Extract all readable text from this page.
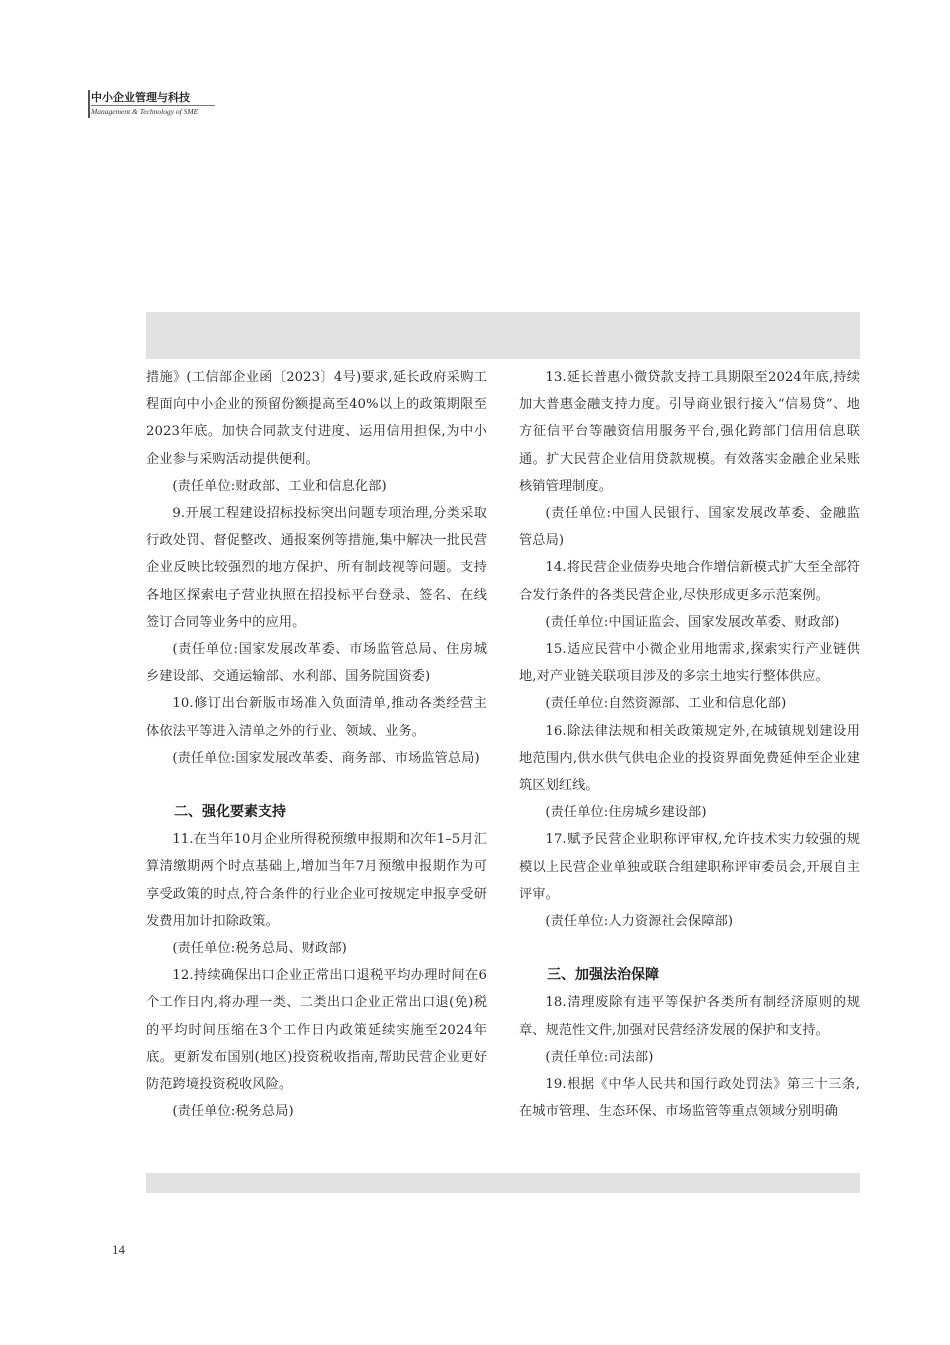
中小企业管理与科技
Management & Technology of SME

措施》(工信部企业函〔2023〕4号)要求,延长政府采购工程面向中小企业的预留份额提高至40%以上的政策期限至2023年底。加快合同款支付进度、运用信用担保,为中小企业参与采购活动提供便利。

(责任单位:财政部、工业和信息化部)

9.开展工程建设招标投标突出问题专项治理,分类采取行政处罚、督促整改、通报案例等措施,集中解决一批民营企业反映比较强烈的地方保护、所有制歧视等问题。支持各地区探索电子营业执照在招投标平台登录、签名、在线签订合同等业务中的应用。

(责任单位:国家发展改革委、市场监管总局、住房城乡建设部、交通运输部、水利部、国务院国资委)

10.修订出台新版市场准入负面清单,推动各类经营主体依法平等进入清单之外的行业、领域、业务。

(责任单位:国家发展改革委、商务部、市场监管总局)

二、强化要素支持

11.在当年10月企业所得税预缴申报期和次年1–5月汇算清缴期两个时点基础上,增加当年7月预缴申报期作为可享受政策的时点,符合条件的行业企业可按规定申报享受研发费用加计扣除政策。

(责任单位:税务总局、财政部)

12.持续确保出口企业正常出口退税平均办理时间在6个工作日内,将办理一类、二类出口企业正常出口退(免)税的平均时间压缩在3个工作日内政策延续实施至2024年底。更新发布国别(地区)投资税收指南,帮助民营企业更好防范跨境投资税收风险。

(责任单位:税务总局)

13.延长普惠小微贷款支持工具期限至2024年底,持续加大普惠金融支持力度。引导商业银行接入“信易贷”、地方征信平台等融资信用服务平台,强化跨部门信用信息联通。扩大民营企业信用贷款规模。有效落实金融企业呆账核销管理制度。

(责任单位:中国人民银行、国家发展改革委、金融监管总局)

14.将民营企业债券央地合作增信新模式扩大至全部符合发行条件的各类民营企业,尽快形成更多示范案例。

(责任单位:中国证监会、国家发展改革委、财政部)

15.适应民营中小微企业用地需求,探索实行产业链供地,对产业链关联项目涉及的多宗土地实行整体供应。

(责任单位:自然资源部、工业和信息化部)

16.除法律法规和相关政策规定外,在城镇规划建设用地范围内,供水供气供电企业的投资界面免费延伸至企业建筑区划红线。

(责任单位:住房城乡建设部)

17.赋予民营企业职称评审权,允许技术实力较强的规模以上民营企业单独或联合组建职称评审委员会,开展自主评审。

(责任单位:人力资源社会保障部)

三、加强法治保障

18.清理废除有违平等保护各类所有制经济原则的规章、规范性文件,加强对民营经济发展的保护和支持。

(责任单位:司法部)

19.根据《中华人民共和国行政处罚法》第三十三条,在城市管理、生态环保、市场监管等重点领域分别明确

14
